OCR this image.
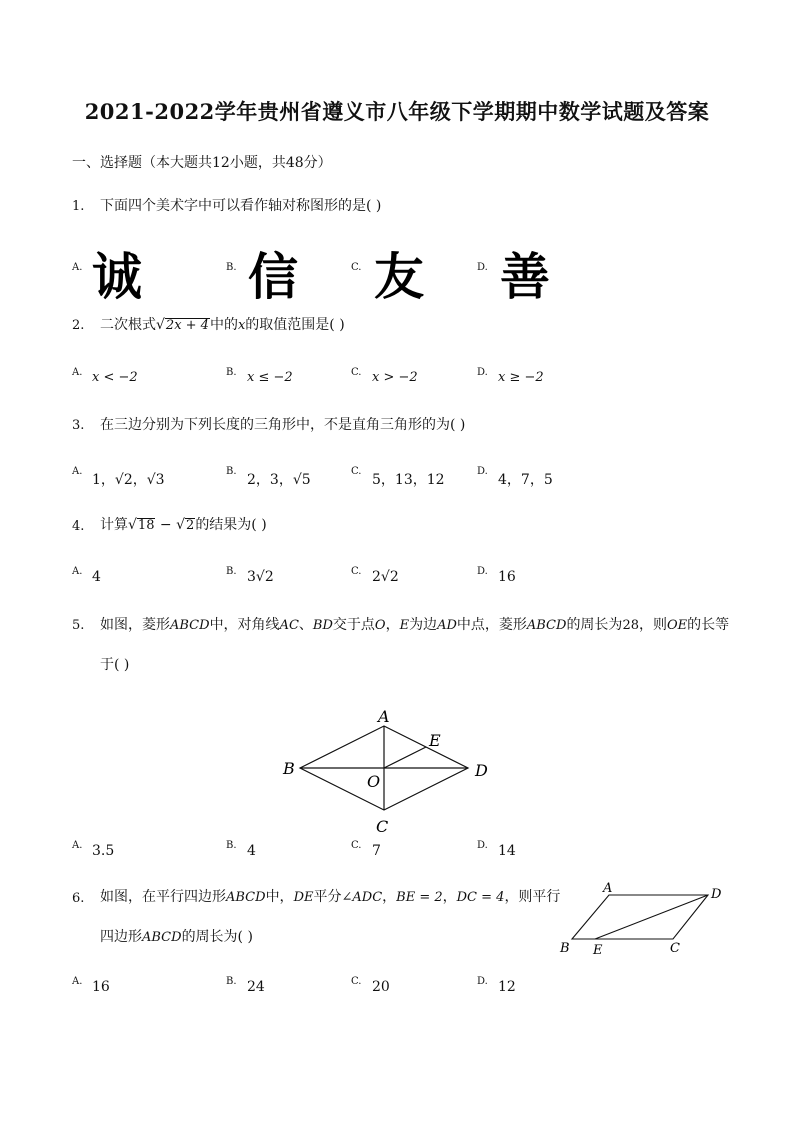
2021-2022学年贵州省遵义市八年级下学期期中数学试题及答案
一、选择题（本大题共12小题，共48分）
1. 下面四个美术字中可以看作轴对称图形的是( )
A. 诚	B. 信	C. 友	D. 善
2. 二次根式√2x + 4中的x的取值范围是( )
A. x < −2	B. x ≤ −2	C. x > −2	D. x ≥ −2
3. 在三边分别为下列长度的三角形中，不是直角三角形的为( )
A.
1，√2，√3
B.
2，3，√5
C.
5，13，12
D.
4，7，5
4. 计算√18 − √2的结果为( )
A. 4	B. 3√2	C. 2√2	D. 16
5. 如图，菱形ABCD中，对角线AC、BD交于点O，E为边AD中点，菱形ABCD的周长为28，则OE的长等
于( )
A
B
C
D
E
O
A. 3.5	B. 4	C. 7	D. 14
6. 如图，在平行四边形ABCD中，DE平分∠ADC，BE = 2，DC = 4，则平行
四边形ABCD的周长为( )
A
B	C
D
E
A. 16	B. 24	C. 20	D. 12
